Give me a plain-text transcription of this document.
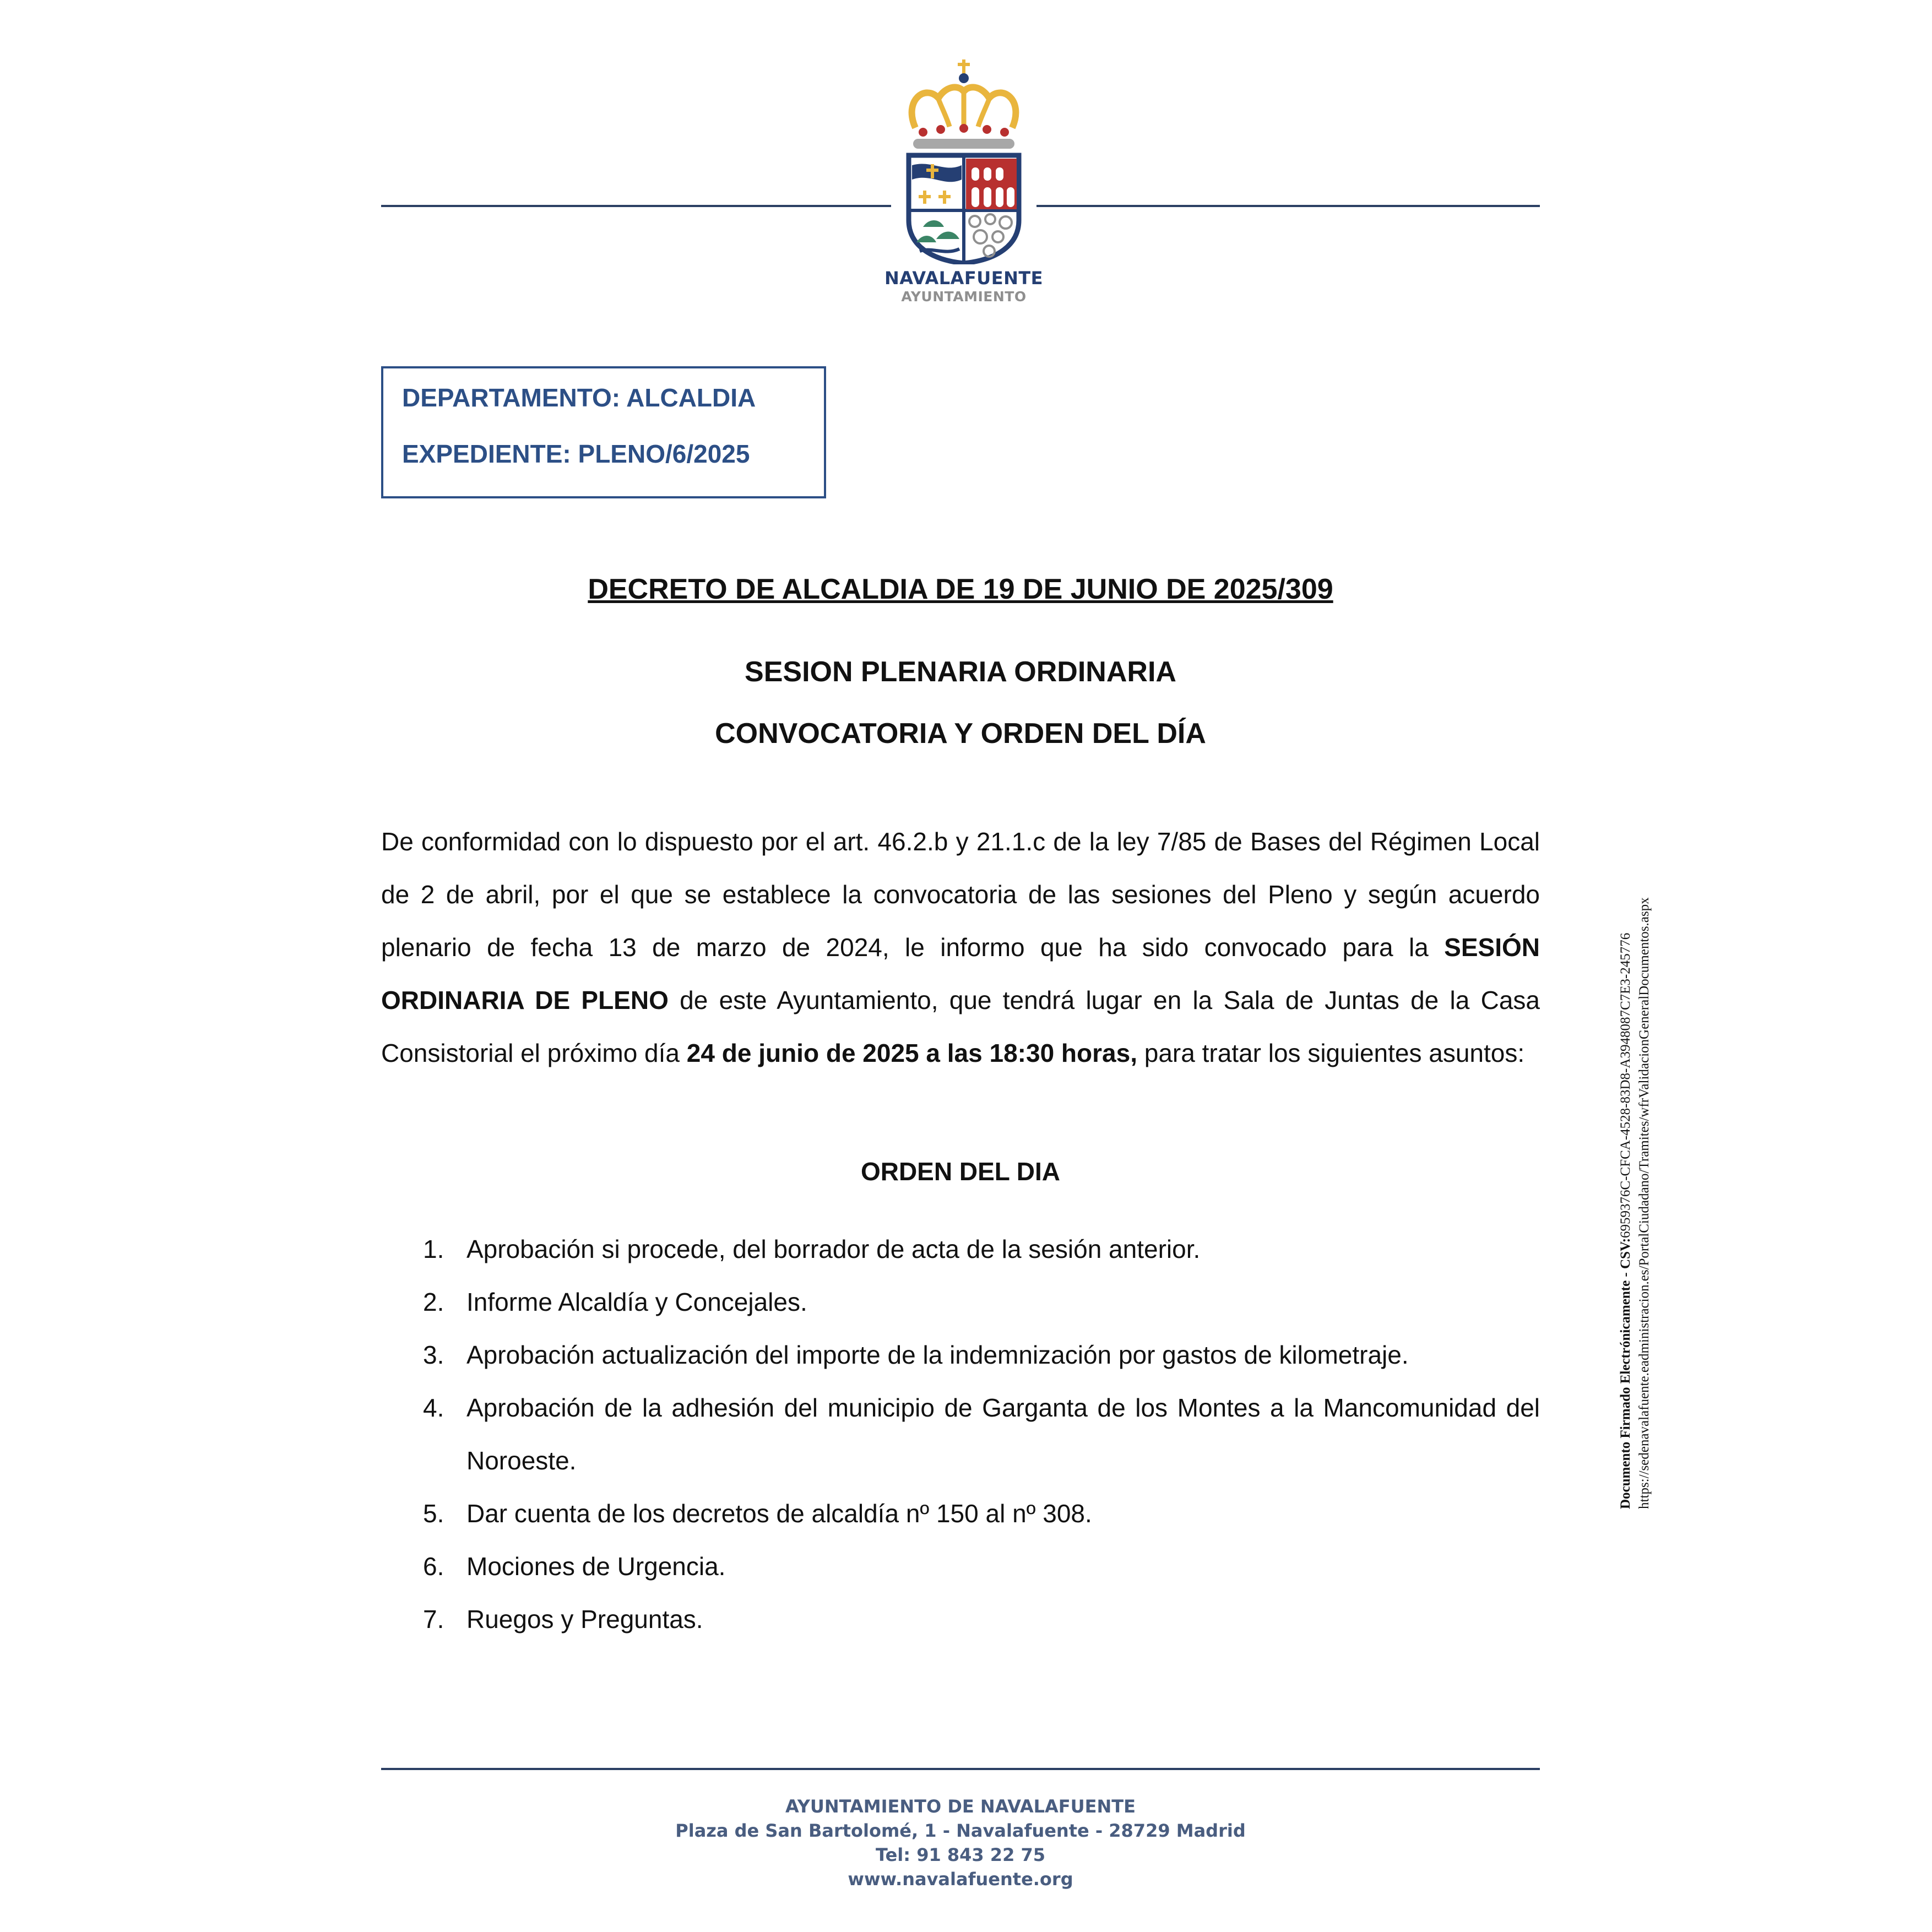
NAVALAFUENTE
AYUNTAMIENTO
DEPARTAMENTO: ALCALDIA
EXPEDIENTE: PLENO/6/2025
DECRETO DE ALCALDIA DE 19 DE JUNIO DE 2025/309
SESION PLENARIA ORDINARIA
CONVOCATORIA Y ORDEN DEL DÍA
De conformidad con lo dispuesto por el art. 46.2.b y 21.1.c de la ley 7/85 de Bases del Régimen Local de 2 de abril, por el que se establece la convocatoria de las sesiones del Pleno y según acuerdo plenario de fecha 13 de marzo de 2024, le informo que ha sido convocado para la SESIÓN ORDINARIA DE PLENO de este Ayuntamiento, que tendrá lugar en la Sala de Juntas de la Casa Consistorial el próximo día 24 de junio de 2025 a las 18:30 horas, para tratar los siguientes asuntos:
ORDEN DEL DIA
1. Aprobación si procede, del borrador de acta de la sesión anterior.
2. Informe Alcaldía y Concejales.
3. Aprobación actualización del importe de la indemnización por gastos de kilometraje.
4. Aprobación de la adhesión del municipio de Garganta de los Montes a la Mancomunidad del Noroeste.
5. Dar cuenta de los decretos de alcaldía nº 150 al nº 308.
6. Mociones de Urgencia.
7. Ruegos y Preguntas.
Documento Firmado Electrónicamente - CSV:6959376C-CFCA-4528-83D8-A3948087C7E3-245776 https://sedenavalafuente.eadministracion.es/PortalCiudadano/Tramites/wfrValidacionGeneralDocumentos.aspx
AYUNTAMIENTO DE NAVALAFUENTE
Plaza de San Bartolomé, 1 - Navalafuente - 28729 Madrid
Tel: 91 843 22 75
www.navalafuente.org
